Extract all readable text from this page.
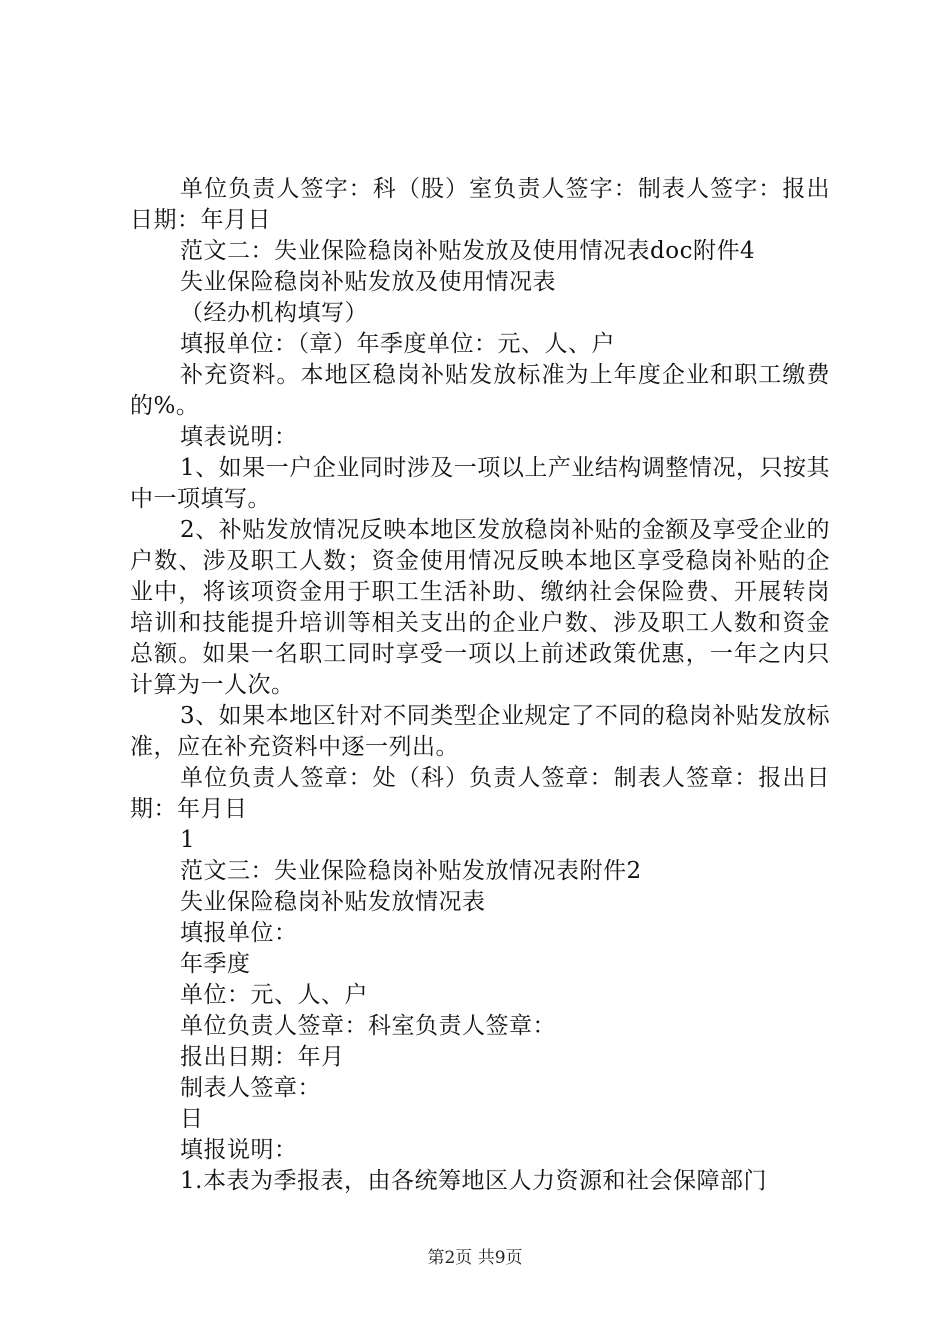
单位负责人签字：科（股）室负责人签字：制表人签字：报出日期：年月日

范文二：失业保险稳岗补贴发放及使用情况表doc附件4

失业保险稳岗补贴发放及使用情况表

（经办机构填写）

填报单位：（章）年季度单位：元、人、户

补充资料。本地区稳岗补贴发放标准为上年度企业和职工缴费的%。

填表说明：

1、如果一户企业同时涉及一项以上产业结构调整情况，只按其中一项填写。

2、补贴发放情况反映本地区发放稳岗补贴的金额及享受企业的户数、涉及职工人数；资金使用情况反映本地区享受稳岗补贴的企业中，将该项资金用于职工生活补助、缴纳社会保险费、开展转岗培训和技能提升培训等相关支出的企业户数、涉及职工人数和资金总额。如果一名职工同时享受一项以上前述政策优惠，一年之内只计算为一人次。

3、如果本地区针对不同类型企业规定了不同的稳岗补贴发放标准，应在补充资料中逐一列出。

单位负责人签章：处（科）负责人签章：制表人签章：报出日期：年月日

1

范文三：失业保险稳岗补贴发放情况表附件2

失业保险稳岗补贴发放情况表

填报单位：

年季度

单位：元、人、户

单位负责人签章：科室负责人签章：

报出日期：年月

制表人签章：

日

填报说明：

1.本表为季报表，由各统筹地区人力资源和社会保障部门

第2页 共9页
